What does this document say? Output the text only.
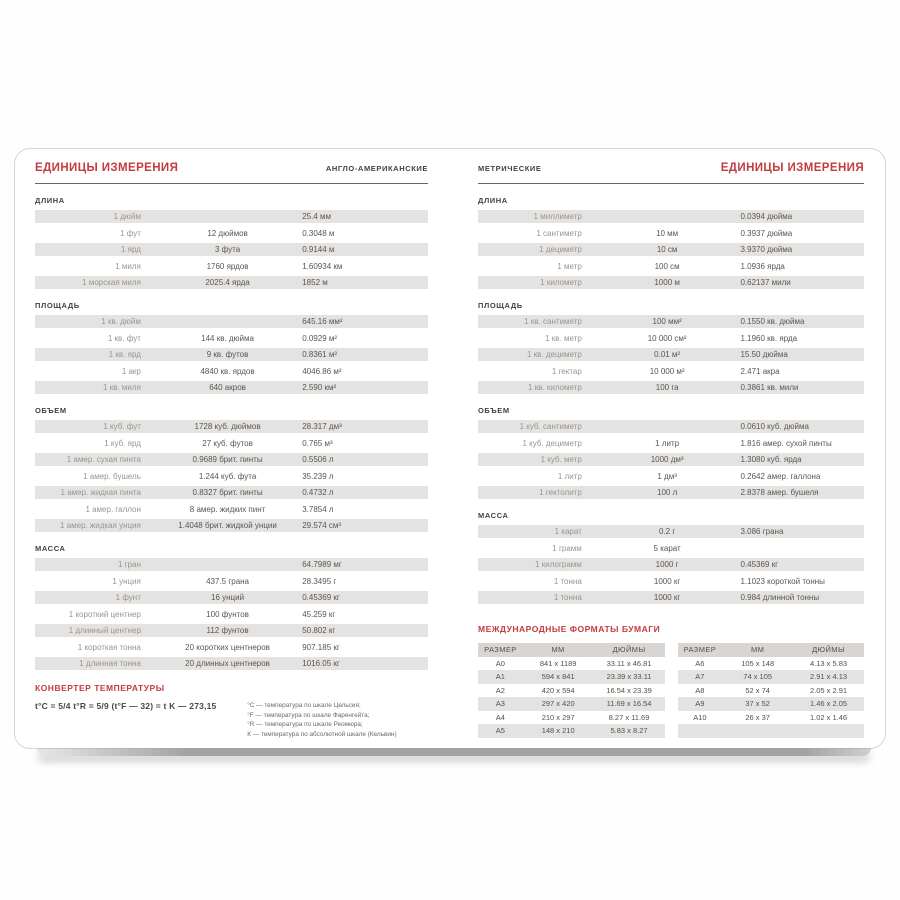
ЕДИНИЦЫ ИЗМЕРЕНИЯ	АНГЛО-АМЕРИКАНСКИЕ
ДЛИНА
1 дюйм	25.4 мм
1 фут	12 дюймов	0.3048 м
1 ярд	3 фута	0.9144 м
1 миля	1760 ярдов	1.60934 км
1 морская миля	2025.4 ярда	1852 м
ПЛОЩАДЬ
1 кв. дюйм	645.16 мм²
1 кв. фут	144 кв. дюйма	0.0929 м²
1 кв. ярд	9 кв. футов	0.8361 м²
1 акр	4840 кв. ярдов	4046.86 м²
1 кв. миля	640 акров	2.590 км²
ОБЪЕМ
1 куб. фут	1728 куб. дюймов	28.317 дм³
1 куб. ярд	27 куб. футов	0.765 м³
1 амер. сухая пинта	0.9689 брит. пинты	0.5506 л
1 амер. бушель	1.244 куб. фута	35.239 л
1 амер. жидкая пинта	0.8327 брит. пинты	0.4732 л
1 амер. галлон	8 амер. жидких пинт	3.7854 л
1 амер. жидкая унция	1.4048 брит. жидкой унции	29.574 см³
МАССА
1 гран	64.7989 мг
1 унция	437.5 грана	28.3495 г
1 фунт	16 унций	0.45369 кг
1 короткий центнер	100 фунтов	45.259 кг
1 длинный центнер	112 фунтов	50.802 кг
1 короткая тонна	20 коротких центнеров	907.185 кг
1 длинная тонна	20 длинных центнеров	1016.05 кг
КОНВЕРТЕР ТЕМПЕРАТУРЫ
t°C = 5/4 t°R = 5/9 (t°F — 32) = t K — 273,15	°C — температура по шкале Цельсия;
°F — температура по шкале Фаренгейта;
°R — температура по шкале Реомюра;
К — температура по абсолютной шкале (Кельвин)
МЕТРИЧЕСКИЕ	ЕДИНИЦЫ ИЗМЕРЕНИЯ
ДЛИНА
1 миллиметр	0.0394 дюйма
1 сантиметр	10 мм	0.3937 дюйма
1 дециметр	10 см	3.9370 дюйма
1 метр	100 см	1.0936 ярда
1 километр	1000 м	0.62137 мили
ПЛОЩАДЬ
1 кв. сантиметр	100 мм²	0.1550 кв. дюйма
1 кв. метр	10 000 см²	1.1960 кв. ярда
1 кв. дециметр	0.01 м²	15.50 дюйма
1 гектар	10 000 м²	2.471 акра
1 кв. километр	100 га	0.3861 кв. мили
ОБЪЕМ
1 куб. сантиметр	0.0610 куб. дюйма
1 куб. дециметр	1 литр	1.816 амер. сухой пинты
1 куб. метр	1000 дм³	1.3080 куб. ярда
1 литр	1 дм³	0.2642 амер. галлона
1 гектолитр	100 л	2.8378 амер. бушеля
МАССА
1 карат	0.2 г	3.086 грана
1 грамм	5 карат
1 килограмм	1000 г	0.45369 кг
1 тонна	1000 кг	1.1023 короткой тонны
1 тонна	1000 кг	0.984 длинной тонны
МЕЖДУНАРОДНЫЕ ФОРМАТЫ БУМАГИ
РАЗМЕР	ММ	ДЮЙМЫ
A0	841 x 1189	33.11 x 46.81
A1	594 x 841	23.39 x 33.11
A2	420 x 594	16.54 x 23.39
A3	297 x 420	11.69 x 16.54
A4	210 x 297	8.27 x 11.69
A5	148 x 210	5.83 x 8.27
РАЗМЕР	ММ	ДЮЙМЫ
A6	105 x 148	4.13 x 5.83
A7	74 x 105	2.91 x 4.13
A8	52 x 74	2.05 x 2.91
A9	37 x 52	1.46 x 2.05
A10	26 x 37	1.02 x 1.46
